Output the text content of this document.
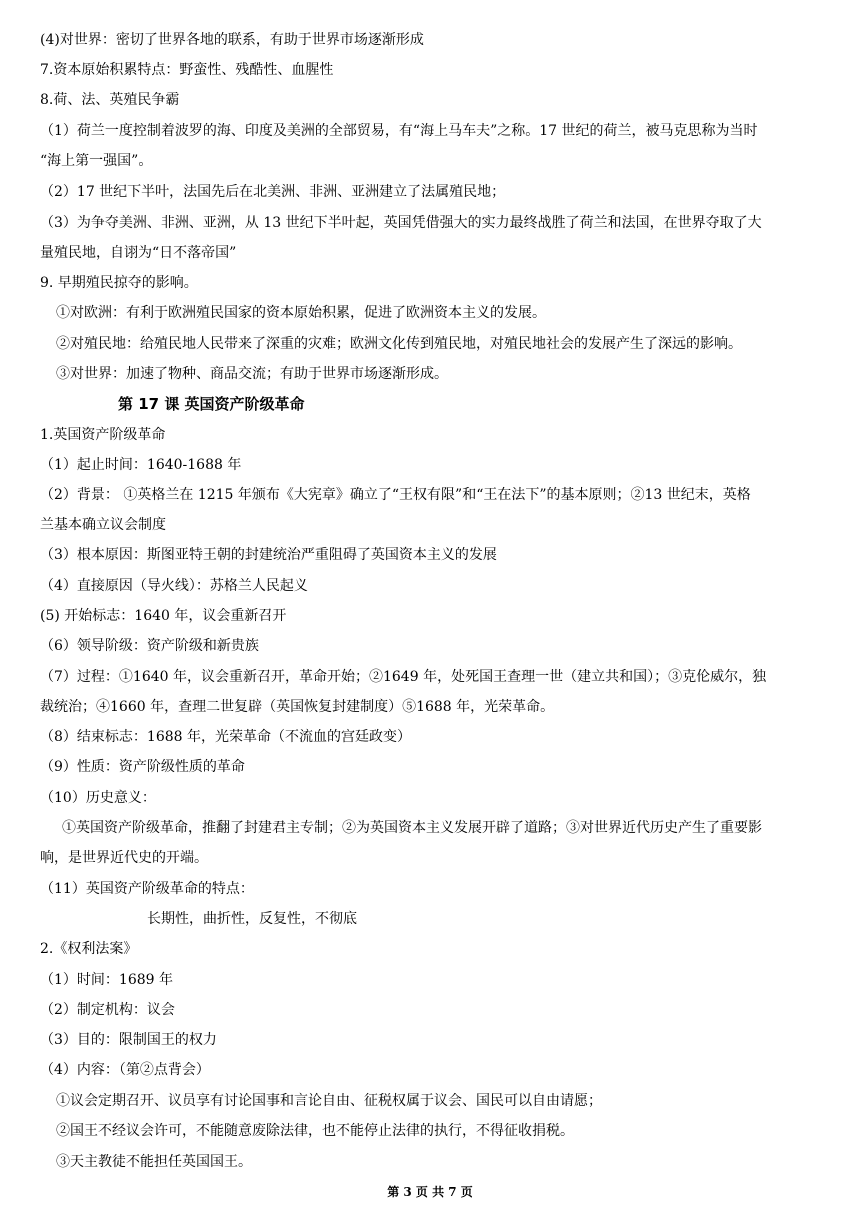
(4)对世界：密切了世界各地的联系，有助于世界市场逐渐形成
7.资本原始积累特点：野蛮性、残酷性、血腥性
8.荷、法、英殖民争霸
（1）荷兰一度控制着波罗的海、印度及美洲的全部贸易，有“海上马车夫”之称。17 世纪的荷兰，被马克思称为当时
“海上第一强国”。
（2）17 世纪下半叶，法国先后在北美洲、非洲、亚洲建立了法属殖民地；
（3）为争夺美洲、非洲、亚洲，从 13 世纪下半叶起，英国凭借强大的实力最终战胜了荷兰和法国，在世界夺取了大
量殖民地，自诩为“日不落帝国”
9. 早期殖民掠夺的影响。
①对欧洲：有利于欧洲殖民国家的资本原始积累，促进了欧洲资本主义的发展。
②对殖民地：给殖民地人民带来了深重的灾难；欧洲文化传到殖民地，对殖民地社会的发展产生了深远的影响。
③对世界：加速了物种、商品交流；有助于世界市场逐渐形成。
第 17 课 英国资产阶级革命
1.英国资产阶级革命
（1）起止时间：1640-1688 年
（2）背景： ①英格兰在 1215 年颁布《大宪章》确立了“王权有限”和“王在法下”的基本原则；②13 世纪末，英格
兰基本确立议会制度
（3）根本原因：斯图亚特王朝的封建统治严重阻碍了英国资本主义的发展
（4）直接原因（导火线）：苏格兰人民起义
(5) 开始标志：1640 年，议会重新召开
（6）领导阶级：资产阶级和新贵族
（7）过程：①1640 年，议会重新召开，革命开始；②1649 年，处死国王查理一世（建立共和国）；③克伦威尔，独
裁统治；④1660 年，查理二世复辟（英国恢复封建制度）⑤1688 年，光荣革命。
（8）结束标志：1688 年，光荣革命（不流血的宫廷政变）
（9）性质：资产阶级性质的革命
（10）历史意义：
①英国资产阶级革命，推翻了封建君主专制；②为英国资本主义发展开辟了道路；③对世界近代历史产生了重要影
响，是世界近代史的开端。
（11）英国资产阶级革命的特点：
长期性，曲折性，反复性，不彻底
2.《权利法案》
（1）时间：1689 年
（2）制定机构：议会
（3）目的：限制国王的权力
（4）内容：（第②点背会）
①议会定期召开、议员享有讨论国事和言论自由、征税权属于议会、国民可以自由请愿；
②国王不经议会许可，不能随意废除法律，也不能停止法律的执行，不得征收捐税。
③天主教徒不能担任英国国王。
第 3 页 共 7 页
